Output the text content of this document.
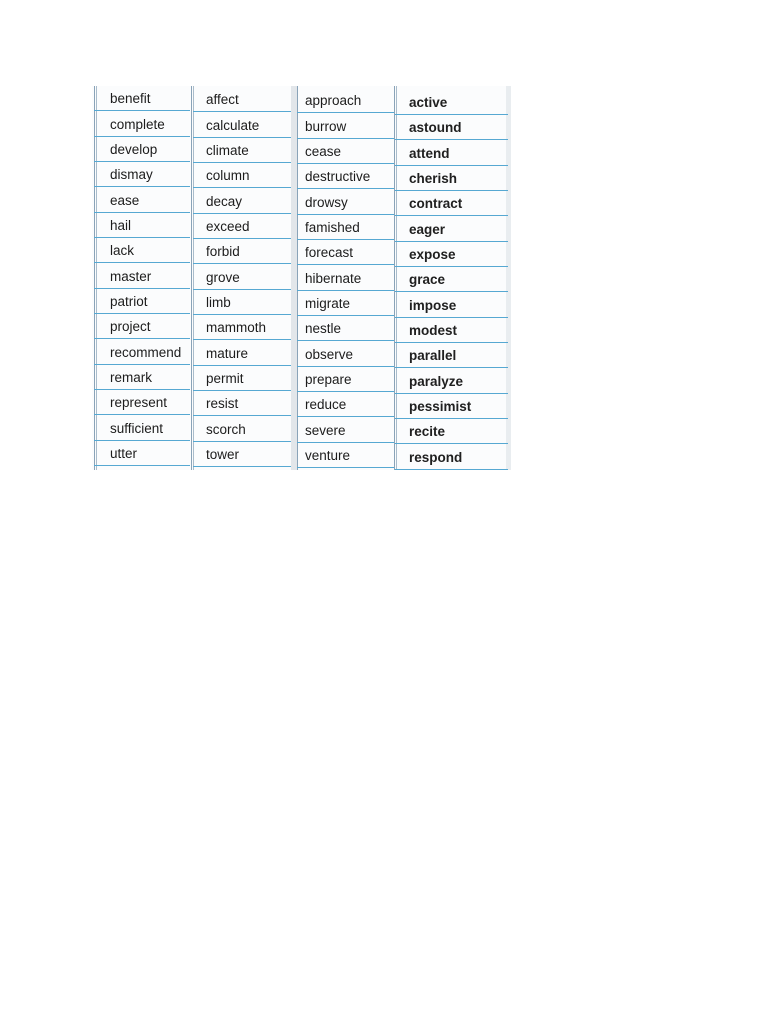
benefit
complete
develop
dismay
ease
hail
lack
master
patriot
project
recommend
remark
represent
sufficient
utter
affect
calculate
climate
column
decay
exceed
forbid
grove
limb
mammoth
mature
permit
resist
scorch
tower
approach
burrow
cease
destructive
drowsy
famished
forecast
hibernate
migrate
nestle
observe
prepare
reduce
severe
venture
active
astound
attend
cherish
contract
eager
expose
grace
impose
modest
parallel
paralyze
pessimist
recite
respond
